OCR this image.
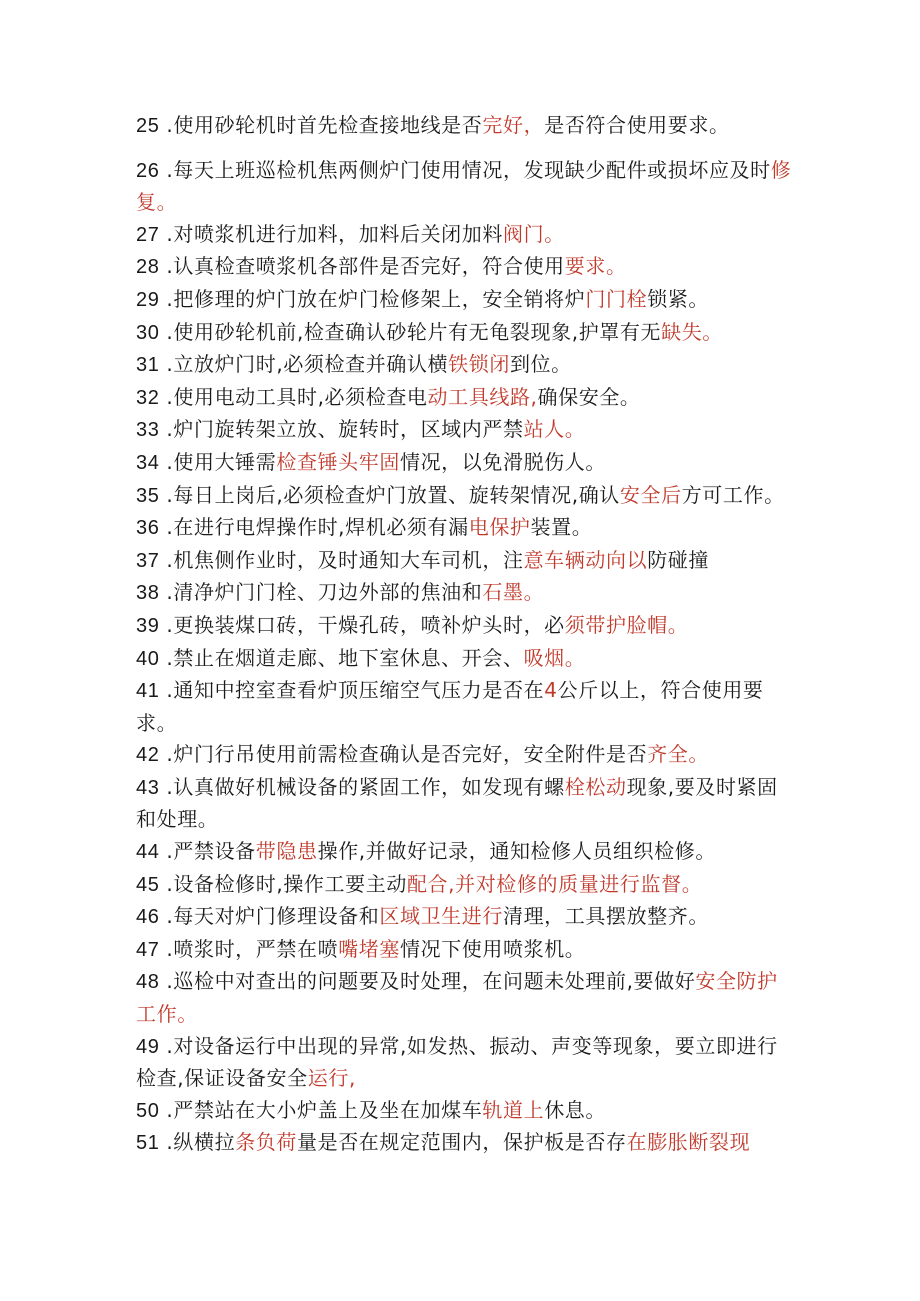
25 .使用砂轮机时首先检查接地线是否完好，是否符合使用要求。

26 .每天上班巡检机焦两侧炉门使用情况，发现缺少配件或损坏应及时修复。

27 .对喷浆机进行加料，加料后关闭加料阀门。

28 .认真检查喷浆机各部件是否完好，符合使用要求。

29 .把修理的炉门放在炉门检修架上，安全销将炉门门栓锁紧。

30 .使用砂轮机前,检查确认砂轮片有无龟裂现象,护罩有无缺失。

31 .立放炉门时,必须检查并确认横铁锁闭到位。

32 .使用电动工具时,必须检查电动工具线路,确保安全。

33 .炉门旋转架立放、旋转时，区域内严禁站人。

34 .使用大锤需检查锤头牢固情况，以免滑脱伤人。

35 .每日上岗后,必须检查炉门放置、旋转架情况,确认安全后方可工作。

36 .在进行电焊操作时,焊机必须有漏电保护装置。

37 .机焦侧作业时，及时通知大车司机，注意车辆动向以防碰撞

38 .清净炉门门栓、刀边外部的焦油和石墨。

39 .更换装煤口砖，干燥孔砖，喷补炉头时，必须带护脸帽。

40 .禁止在烟道走廊、地下室休息、开会、吸烟。

41 .通知中控室查看炉顶压缩空气压力是否在4公斤以上，符合使用要求。

42 .炉门行吊使用前需检查确认是否完好，安全附件是否齐全。

43 .认真做好机械设备的紧固工作，如发现有螺栓松动现象,要及时紧固和处理。

44 .严禁设备带隐患操作,并做好记录，通知检修人员组织检修。

45 .设备检修时,操作工要主动配合,并对检修的质量进行监督。

46 .每天对炉门修理设备和区域卫生进行清理，工具摆放整齐。

47 .喷浆时，严禁在喷嘴堵塞情况下使用喷浆机。

48 .巡检中对查出的问题要及时处理，在问题未处理前,要做好安全防护工作。

49 .对设备运行中出现的异常,如发热、振动、声变等现象，要立即进行检查,保证设备安全运行,

50 .严禁站在大小炉盖上及坐在加煤车轨道上休息。

51 .纵横拉条负荷量是否在规定范围内，保护板是否存在膨胀断裂现
